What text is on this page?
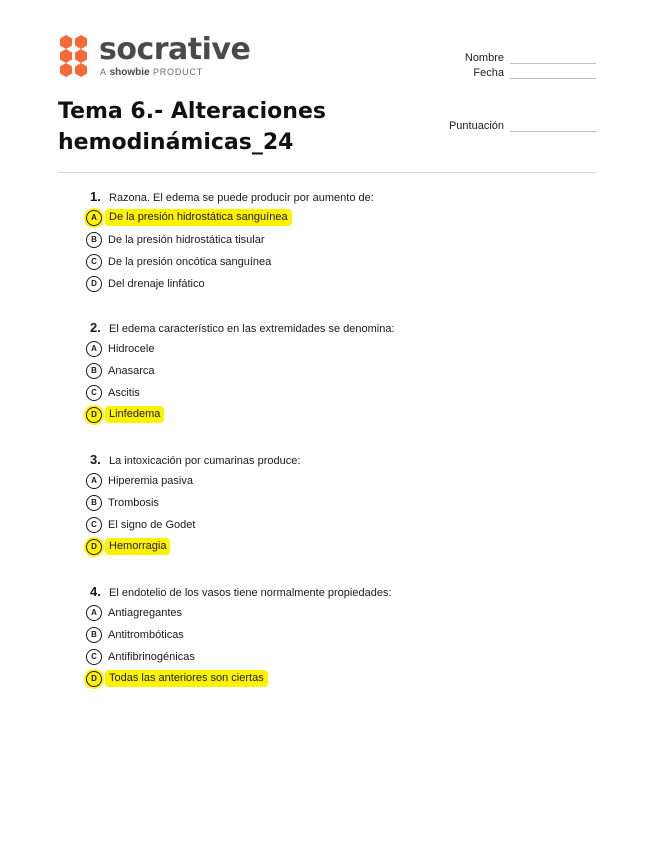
socrative
A showbie PRODUCT
Nombre
Fecha
Puntuación
Tema 6.- Alteraciones
hemodinámicas_24
1. Razona. El edema se puede producir por aumento de:
A	De la presión hidrostática sanguínea
B	De la presión hidrostática tisular
C	De la presión oncótica sanguínea
D	Del drenaje linfático
2. El edema característico en las extremidades se denomina:
A	Hidrocele
B	Anasarca
C	Ascitis
D	Linfedema
3. La intoxicación por cumarinas produce:
A	Hiperemia pasiva
B	Trombosis
C	El signo de Godet
D	Hemorragia
4. El endotelio de los vasos tiene normalmente propiedades:
A	Antiagregantes
B	Antitrombóticas
C	Antifibrinogénicas
D	Todas las anteriores son ciertas
